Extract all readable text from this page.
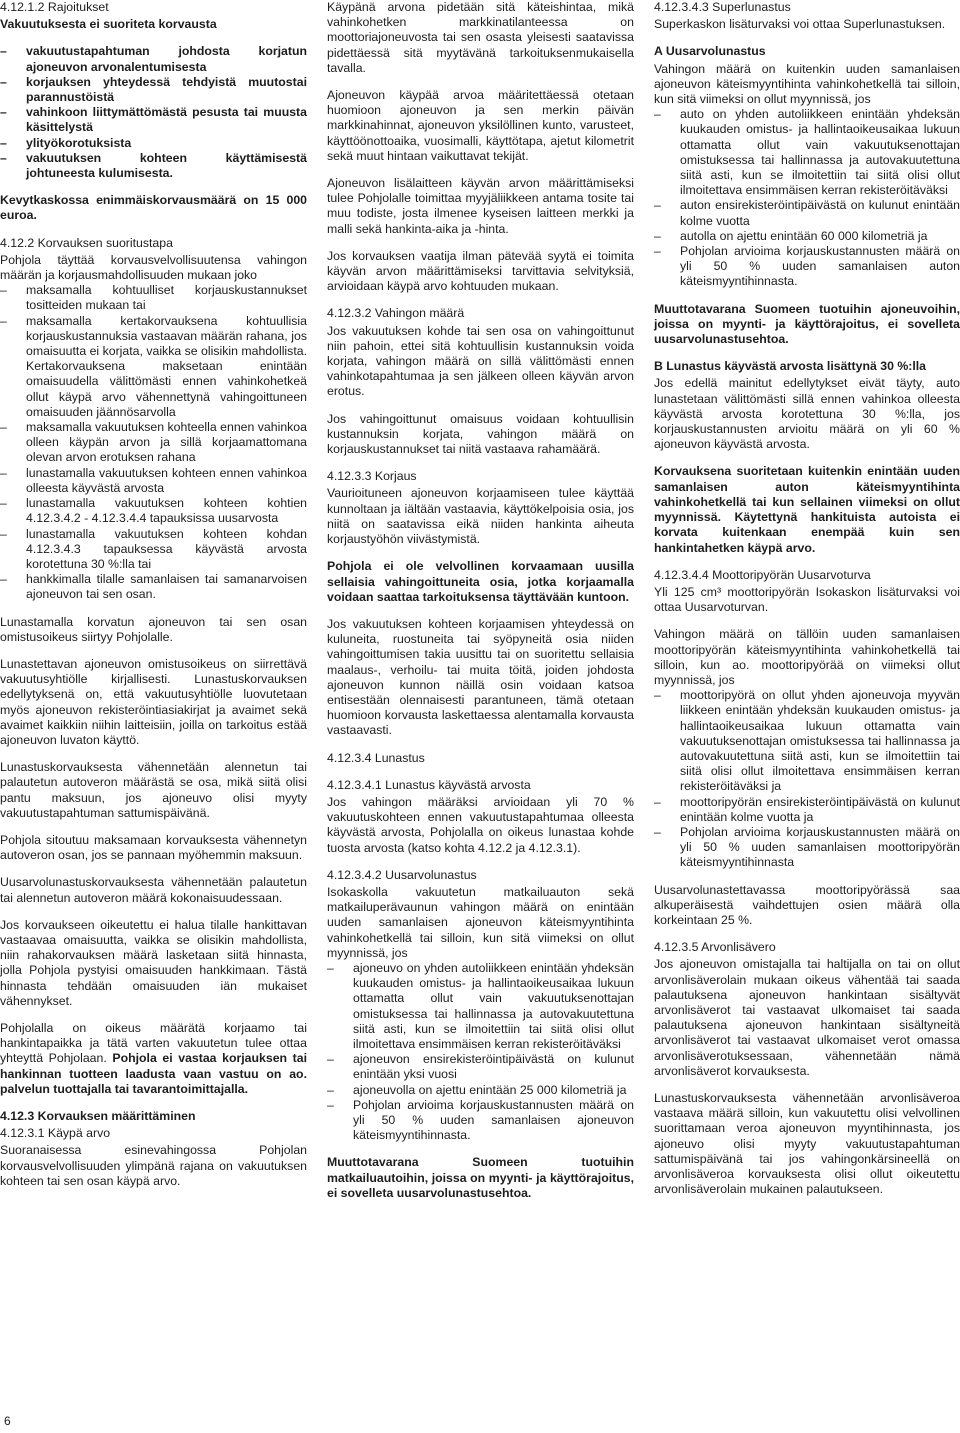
4.12.1.2 Rajoitukset
Vakuutuksesta ei suoriteta korvausta
– vakuutustapahtuman johdosta korjatun ajoneuvon arvonalentumisesta
– korjauksen yhteydessä tehdyistä muutostai parannustöistä
– vahinkoon liittymättömästä pesusta tai muusta käsittelystä
– ylityökorotuksista
– vakuutuksen kohteen käyttämisestä johtuneesta kulumisesta.
Kevytkaskossa enimmäiskorvausmäärä on 15 000 euroa.
4.12.2 Korvauksen suoritustapa
Pohjola täyttää korvausvelvollisuutensa vahingon määrän ja korjausmahdollisuuden mukaan joko
– maksamalla kohtuulliset korjauskustannukset tositteiden mukaan tai
– maksamalla kertakorvauksena kohtuullisia korjauskustannuksia vastaavan määrän rahana, jos omaisuutta ei korjata, vaikka se olisikin mahdollista. Kertakorvauksena maksetaan enintään omaisuudella välittömästi ennen vahinkohetkeä ollut käypä arvo vähennettynä vahingoittuneen omaisuuden jäännösarvolla
– maksamalla vakuutuksen kohteella ennen vahinkoa olleen käypän arvon ja sillä korjaamattomana olevan arvon erotuksen rahana
– lunastamalla vakuutuksen kohteen ennen vahinkoa olleesta käyvästä arvosta
– lunastamalla vakuutuksen kohteen kohtien 4.12.3.4.2 - 4.12.3.4.4 tapauksissa uusarvosta
– lunastamalla vakuutuksen kohteen kohdan 4.12.3.4.3 tapauksessa käyvästä arvosta korotettuna 30 %:lla tai
– hankkimalla tilalle samanlaisen tai samanarvoisen ajoneuvon tai sen osan.
Lunastamalla korvatun ajoneuvon tai sen osan omistusoikeus siirtyy Pohjolalle.
Lunastettavan ajoneuvon omistusoikeus on siirrettävä vakuutusyhtiölle kirjallisesti. Lunastuskorvauksen edellytyksenä on, että vakuutusyhtiölle luovutetaan myös ajoneuvon rekisteröintiasiakirjat ja avaimet sekä avaimet kaikkiin niihin laitteisiin, joilla on tarkoitus estää ajoneuvon luvaton käyttö.
Lunastuskorvauksesta vähennetään alennetun tai palautetun autoveron määrästä se osa, mikä siitä olisi pantu maksuun, jos ajoneuvo olisi myyty vakuutustapahtuman sattumispäivänä.
Pohjola sitoutuu maksamaan korvauksesta vähennetyn autoveron osan, jos se pannaan myöhemmin maksuun.
Uusarvolunastuskorvauksesta vähennetään palautetun tai alennetun autoveron määrä kokonaisuudessaan.
Jos korvaukseen oikeutettu ei halua tilalle hankittavan vastaavaa omaisuutta, vaikka se olisikin mahdollista, niin rahakorvauksen määrä lasketaan siitä hinnasta, jolla Pohjola pystyisi omaisuuden hankkimaan. Tästä hinnasta tehdään omaisuuden iän mukaiset vähennykset.
Pohjolalla on oikeus määrätä korjaamo tai hankintapaikka ja tätä varten vakuutetun tulee ottaa yhteyttä Pohjolaan. Pohjola ei vastaa korjauksen tai hankinnan tuotteen laadusta vaan vastuu on ao. palvelun tuottajalla tai tavarantoimittajalla.
4.12.3 Korvauksen määrittäminen
4.12.3.1 Käypä arvo
Suoranaisessa esinevahingossa Pohjolan korvausvelvollisuuden ylimpänä rajana on vakuutuksen kohteen tai sen osan käypä arvo.
Käypänä arvona pidetään sitä käteishintaa, mikä vahinkohetken markkinatilanteessa on moottoriajoneuvosta tai sen osasta yleisesti saatavissa pidettäessä sitä myytävänä tarkoituksenmukaisella tavalla.
Ajoneuvon käypää arvoa määritettäessä otetaan huomioon ajoneuvon ja sen merkin päivän markkinahinnat, ajoneuvon yksilöllinen kunto, varusteet, käyttöönottoaika, vuosimalli, käyttötapa, ajetut kilometrit sekä muut hintaan vaikuttavat tekijät.
Ajoneuvon lisälaitteen käyvän arvon määrittämiseksi tulee Pohjolalle toimittaa myyjäliikkeen antama tosite tai muu todiste, josta ilmenee kyseisen laitteen merkki ja malli sekä hankinta-aika ja -hinta.
Jos korvauksen vaatija ilman pätevää syytä ei toimita käyvän arvon määrittämiseksi tarvittavia selvityksiä, arvioidaan käypä arvo kohtuuden mukaan.
4.12.3.2 Vahingon määrä
Jos vakuutuksen kohde tai sen osa on vahingoittunut niin pahoin, ettei sitä kohtuullisin kustannuksin voida korjata, vahingon määrä on sillä välittömästi ennen vahinkotapahtumaa ja sen jälkeen olleen käyvän arvon erotus.
Jos vahingoittunut omaisuus voidaan kohtuullisin kustannuksin korjata, vahingon määrä on korjauskustannukset tai niitä vastaava rahamäärä.
4.12.3.3 Korjaus
Vaurioituneen ajoneuvon korjaamiseen tulee käyttää kunnoltaan ja iältään vastaavia, käyttökelpoisia osia, jos niitä on saatavissa eikä niiden hankinta aiheuta korjaustyöhön viivästymistä.
Pohjola ei ole velvollinen korvaamaan uusilla sellaisia vahingoittuneita osia, jotka korjaamalla voidaan saattaa tarkoituksensa täyttävään kuntoon.
Jos vakuutuksen kohteen korjaamisen yhteydessä on kuluneita, ruostuneita tai syöpyneitä osia niiden vahingoittumisen takia uusittu tai on suoritettu sellaisia maalaus-, verhoilu- tai muita töitä, joiden johdosta ajoneuvon kunnon näillä osin voidaan katsoa entisestään olennaisesti parantuneen, tämä otetaan huomioon korvausta laskettaessa alentamalla korvausta vastaavasti.
4.12.3.4 Lunastus
4.12.3.4.1 Lunastus käyvästä arvosta
Jos vahingon määräksi arvioidaan yli 70 % vakuutuskohteen ennen vakuutustapahtumaa olleesta käyvästä arvosta, Pohjolalla on oikeus lunastaa kohde tuosta arvosta (katso kohta 4.12.2 ja 4.12.3.1).
4.12.3.4.2 Uusarvolunastus
Isokaskolla vakuutetun matkailuauton sekä matkailuperävaunun vahingon määrä on enintään uuden samanlaisen ajoneuvon käteismyyntihinta vahinkohetkellä tai silloin, kun sitä viimeksi on ollut myynnissä, jos
– ajoneuvo on yhden autoliikkeen enintään yhdeksän kuukauden omistus- ja hallintaoikeusaikaa lukuun ottamatta ollut vain vakuutuksenottajan omistuksessa tai hallinnassa ja autovakuutettuna siitä asti, kun se ilmoitettiin tai siitä olisi ollut ilmoitettava ensimmäisen kerran rekisteröitäväksi
– ajoneuvon ensirekisteröintipäivästä on kulunut enintään yksi vuosi
– ajoneuvolla on ajettu enintään 25 000 kilometriä ja
– Pohjolan arvioima korjauskustannusten määrä on yli 50 % uuden samanlaisen ajoneuvon käteismyyntihinnasta.
Muuttotavarana Suomeen tuotuihin matkailuautoihin, joissa on myynti- ja käyttörajoitus, ei sovelleta uusarvolunastusehtoa.
4.12.3.4.3 Superlunastus
Superkaskon lisäturvaksi voi ottaa Superlunastuksen.
A Uusarvolunastus
Vahingon määrä on kuitenkin uuden samanlaisen ajoneuvon käteismyyntihinta vahinkohetkellä tai silloin, kun sitä viimeksi on ollut myynnissä, jos
– auto on yhden autoliikkeen enintään yhdeksän kuukauden omistus- ja hallintaoikeusaikaa lukuun ottamatta ollut vain vakuutuksenottajan omistuksessa tai hallinnassa ja autovakuutettuna siitä asti, kun se ilmoitettiin tai siitä olisi ollut ilmoitettava ensimmäisen kerran rekisteröitäväksi
– auton ensirekisteröintipäivästä on kulunut enintään kolme vuotta
– autolla on ajettu enintään 60 000 kilometriä ja
– Pohjolan arvioima korjauskustannusten määrä on yli 50 % uuden samanlaisen auton käteismyyntihinnasta.
Muuttotavarana Suomeen tuotuihin ajoneuvoihin, joissa on myynti- ja käyttörajoitus, ei sovelleta uusarvolunastusehtoa.
B Lunastus käyvästä arvosta lisättynä 30 %:lla
Jos edellä mainitut edellytykset eivät täyty, auto lunastetaan välittömästi sillä ennen vahinkoa olleesta käyvästä arvosta korotettuna 30 %:lla, jos korjauskustannusten arvioitu määrä on yli 60 % ajoneuvon käyvästä arvosta.
Korvauksena suoritetaan kuitenkin enintään uuden samanlaisen auton käteismyyntihinta vahinkohetkellä tai kun sellainen viimeksi on ollut myynnissä. Käytettynä hankituista autoista ei korvata kuitenkaan enempää kuin sen hankintahetken käypä arvo.
4.12.3.4.4 Moottoripyörän Uusarvoturva
Yli 125 cm³ moottoripyörän Isokaskon lisäturvaksi voi ottaa Uusarvoturvan.
Vahingon määrä on tällöin uuden samanlaisen moottoripyörän käteismyyntihinta vahinkohetkellä tai silloin, kun ao. moottoripyörää on viimeksi ollut myynnissä, jos
– moottoripyörä on ollut yhden ajoneuvoja myyvän liikkeen enintään yhdeksän kuukauden omistus- ja hallintaoikeusaikaa lukuun ottamatta vain vakuutuksenottajan omistuksessa tai hallinnassa ja autovakuutettuna siitä asti, kun se ilmoitettiin tai siitä olisi ollut ilmoitettava ensimmäisen kerran rekisteröitäväksi ja
– moottoripyörän ensirekisteröintipäivästä on kulunut enintään kolme vuotta ja
– Pohjolan arvioima korjauskustannusten määrä on yli 50 % uuden samanlaisen moottoripyörän käteismyyntihinnasta
Uusarvolunastettavassa moottoripyörässä saa alkuperäisestä vaihdettujen osien määrä olla korkeintaan 25 %.
4.12.3.5 Arvonlisävero
Jos ajoneuvon omistajalla tai haltijalla on tai on ollut arvonlisäverolain mukaan oikeus vähentää tai saada palautuksena ajoneuvon hankintaan sisältyvät arvonlisäverot tai vastaavat ulkomaiset tai saada palautuksena ajoneuvon hankintaan sisältyneitä arvonlisäverot tai vastaavat ulkomaiset verot omassa arvonlisäverotuksessaan, vähennetään nämä arvonlisäverot korvauksesta.
Lunastuskorvauksesta vähennetään arvonlisäveroa vastaava määrä silloin, kun vakuutettu olisi velvollinen suorittamaan veroa ajoneuvon myyntihinnasta, jos ajoneuvo olisi myyty vakuutustapahtuman sattumispäivänä tai jos vahingonkärsineellä on arvonlisäveroa korvauksesta olisi ollut oikeutettu arvonlisäverolain mukainen palautukseen.
6
